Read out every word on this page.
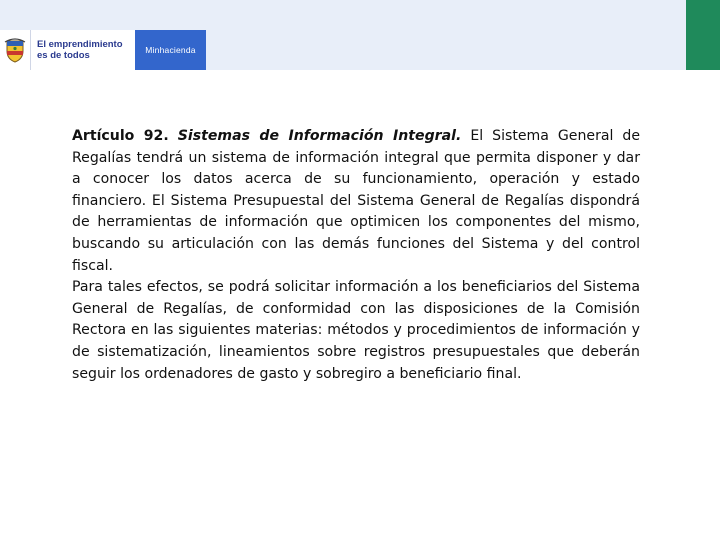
El emprendimiento
es de todos	Minhacienda

Artículo 92. Sistemas de Información Integral. El Sistema General de Regalías tendrá un sistema de información integral que permita disponer y dar a conocer los datos acerca de su funcionamiento, operación y estado financiero. El Sistema Presupuestal del Sistema General de Regalías dispondrá de herramientas de información que optimicen los componentes del mismo, buscando su articulación con las demás funciones del Sistema y del control fiscal.

Para tales efectos, se podrá solicitar información a los beneficiarios del Sistema General de Regalías, de conformidad con las disposiciones de la Comisión Rectora en las siguientes materias: métodos y procedimientos de información y de sistematización, lineamientos sobre registros presupuestales que deberán seguir los ordenadores de gasto y sobregiro a beneficiario final.
